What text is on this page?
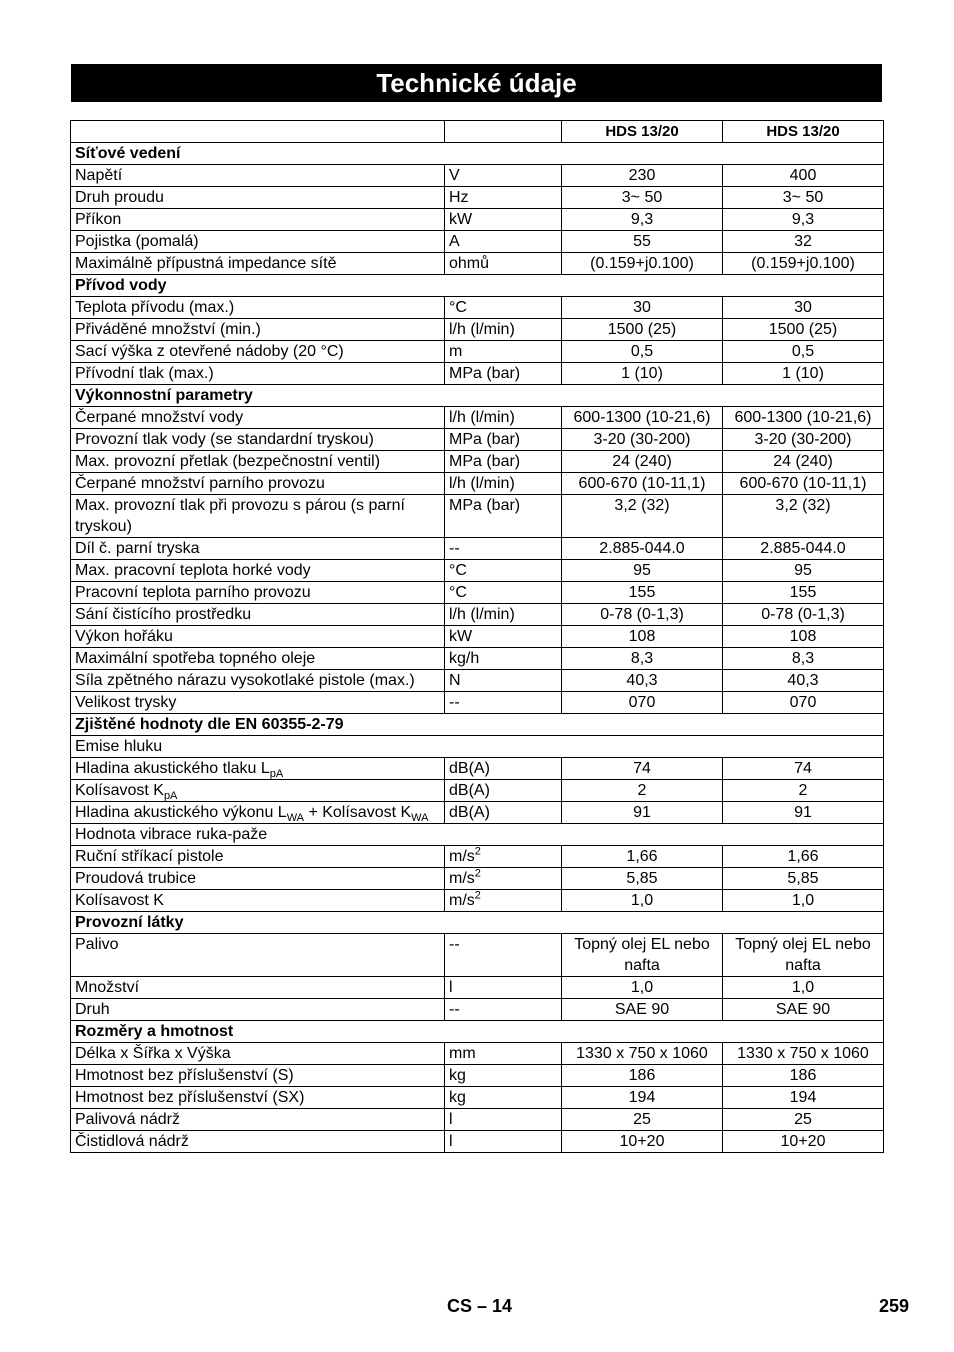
Technické údaje
		HDS 13/20	HDS 13/20
Síťové vedení			
Napětí	V	230	400
Druh proudu	Hz	3~ 50	3~ 50
Příkon	kW	9,3	9,3
Pojistka (pomalá)	A	55	32
Maximálně přípustná impedance sítě	ohmů	(0.159+j0.100)	(0.159+j0.100)
Přívod vody			
Teplota přívodu (max.)	°C	30	30
Přiváděné množství (min.)	l/h (l/min)	1500 (25)	1500 (25)
Sací výška z otevřené nádoby (20 °C)	m	0,5	0,5
Přívodní tlak (max.)	MPa (bar)	1 (10)	1 (10)
Výkonnostní parametry			
Čerpané množství vody	l/h (l/min)	600-1300 (10-21,6)	600-1300 (10-21,6)
Provozní tlak vody (se standardní tryskou)	MPa (bar)	3-20 (30-200)	3-20 (30-200)
Max. provozní přetlak (bezpečnostní ventil)	MPa (bar)	24 (240)	24 (240)
Čerpané množství parního provozu	l/h (l/min)	600-670 (10-11,1)	600-670 (10-11,1)
Max. provozní tlak při provozu s párou (s parní tryskou)	MPa (bar)	3,2 (32)	3,2 (32)
Díl č. parní tryska	--	2.885-044.0	2.885-044.0
Max. pracovní teplota horké vody	°C	95	95
Pracovní teplota parního provozu	°C	155	155
Sání čistícího prostředku	l/h (l/min)	0-78 (0-1,3)	0-78 (0-1,3)
Výkon hořáku	kW	108	108
Maximální spotřeba topného oleje	kg/h	8,3	8,3
Síla zpětného nárazu vysokotlaké pistole (max.)	N	40,3	40,3
Velikost trysky	--	070	070
Zjištěné hodnoty dle EN 60355-2-79			
Emise hluku			
Hladina akustického tlaku $L_{pA}$	dB(A)	74	74
Kolísavost $K_{pA}$	dB(A)	2	2
Hladina akustického výkonu $L_{WA}$ + Kolísavost $K_{WA}$	dB(A)	91	91
Hodnota vibrace ruka-paže			
Ruční stříkací pistole	$m/s^2$	1,66	1,66
Proudová trubice	$m/s^2$	5,85	5,85
Kolísavost K	$m/s^2$	1,0	1,0
Provozní látky			
Palivo	--	Topný olej EL nebo nafta	Topný olej EL nebo nafta
Množství	l	1,0	1,0
Druh	--	SAE 90	SAE 90
Rozměry a hmotnost			
Délka x Šířka x Výška	mm	1330 x 750 x 1060	1330 x 750 x 1060
Hmotnost bez příslušenství (S)	kg	186	186
Hmotnost bez příslušenství (SX)	kg	194	194
Palivová nádrž	l	25	25
Čistidlová nádrž	l	10+20	10+20
CS – 14	259
